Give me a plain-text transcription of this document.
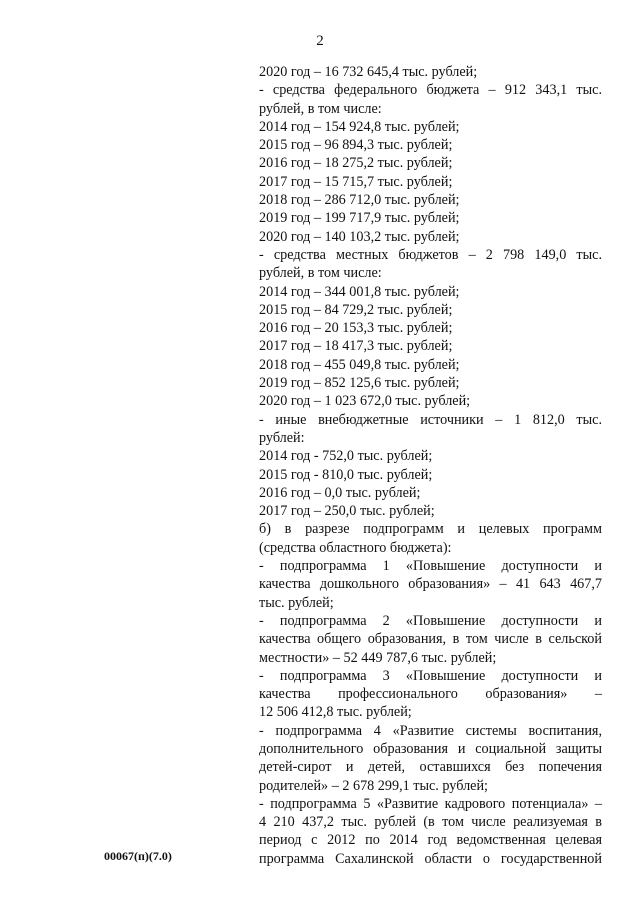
2
2020 год – 16 732 645,4 тыс. рублей;
- средства федерального бюджета – 912 343,1 тыс.
рублей, в том числе:
2014 год – 154 924,8 тыс. рублей;
2015 год – 96 894,3 тыс. рублей;
2016 год – 18 275,2 тыс. рублей;
2017 год – 15 715,7 тыс. рублей;
2018 год – 286 712,0 тыс. рублей;
2019 год – 199 717,9 тыс. рублей;
2020 год – 140 103,2 тыс. рублей;
- средства местных бюджетов – 2 798 149,0 тыс.
рублей, в том числе:
2014 год – 344 001,8 тыс. рублей;
2015 год – 84 729,2 тыс. рублей;
2016 год – 20 153,3 тыс. рублей;
2017 год – 18 417,3 тыс. рублей;
2018 год – 455 049,8 тыс. рублей;
2019 год – 852 125,6 тыс. рублей;
2020 год – 1 023 672,0 тыс. рублей;
- иные внебюджетные источники – 1 812,0 тыс.
рублей:
2014 год - 752,0 тыс. рублей;
2015 год - 810,0 тыс. рублей;
2016 год – 0,0 тыс. рублей;
2017 год – 250,0 тыс. рублей;
б) в разрезе подпрограмм и целевых программ
(средства областного бюджета):
- подпрограмма 1 «Повышение доступности и
качества дошкольного образования» – 41 643 467,7
тыс. рублей;
- подпрограмма 2 «Повышение доступности и
качества общего образования, в том числе в сельской
местности» – 52 449 787,6 тыс. рублей;
- подпрограмма 3 «Повышение доступности и
качества профессионального образования» –
12 506 412,8 тыс. рублей;
- подпрограмма 4 «Развитие системы воспитания,
дополнительного образования и социальной защиты
детей-сирот и детей, оставшихся без попечения
родителей» – 2 678 299,1 тыс. рублей;
- подпрограмма 5 «Развитие кадрового потенциала» –
4 210 437,2 тыс. рублей (в том числе реализуемая в
период с 2012 по 2014 год ведомственная целевая
программа Сахалинской области о государственной
00067(п)(7.0)
